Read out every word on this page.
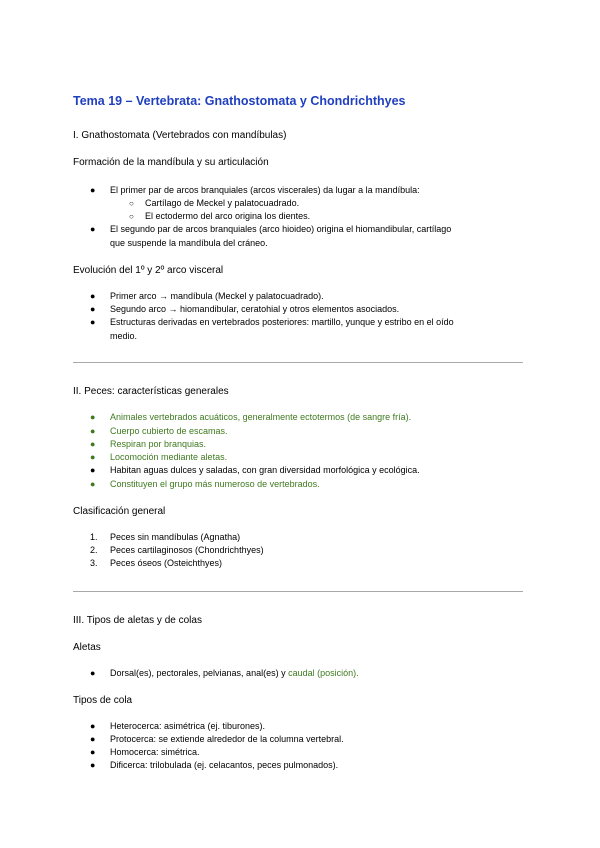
Tema 19 – Vertebrata: Gnathostomata y Chondrichthyes

I. Gnathostomata (Vertebrados con mandíbulas)

Formación de la mandíbula y su articulación

● El primer par de arcos branquiales (arcos viscerales) da lugar a la mandíbula:
○ Cartílago de Meckel y palatocuadrado.
○ El ectodermo del arco origina los dientes.
● El segundo par de arcos branquiales (arco hioideo) origina el hiomandibular, cartílago
que suspende la mandíbula del cráneo.

Evolución del 1º y 2º arco visceral

● Primer arco → mandíbula (Meckel y palatocuadrado).
● Segundo arco → hiomandibular, ceratohial y otros elementos asociados.
● Estructuras derivadas en vertebrados posteriores: martillo, yunque y estribo en el oído
medio.

II. Peces: características generales

● Animales vertebrados acuáticos, generalmente ectotermos (de sangre fría).
● Cuerpo cubierto de escamas.
● Respiran por branquias.
● Locomoción mediante aletas.
● Habitan aguas dulces y saladas, con gran diversidad morfológica y ecológica.
● Constituyen el grupo más numeroso de vertebrados.

Clasificación general

1. Peces sin mandíbulas (Agnatha)
2. Peces cartilaginosos (Chondrichthyes)
3. Peces óseos (Osteichthyes)

III. Tipos de aletas y de colas

Aletas

● Dorsal(es), pectorales, pelvianas, anal(es) y caudal (posición).

Tipos de cola

● Heterocerca: asimétrica (ej. tiburones).
● Protocerca: se extiende alrededor de la columna vertebral.
● Homocerca: simétrica.
● Dificerca: trilobulada (ej. celacantos, peces pulmonados).
